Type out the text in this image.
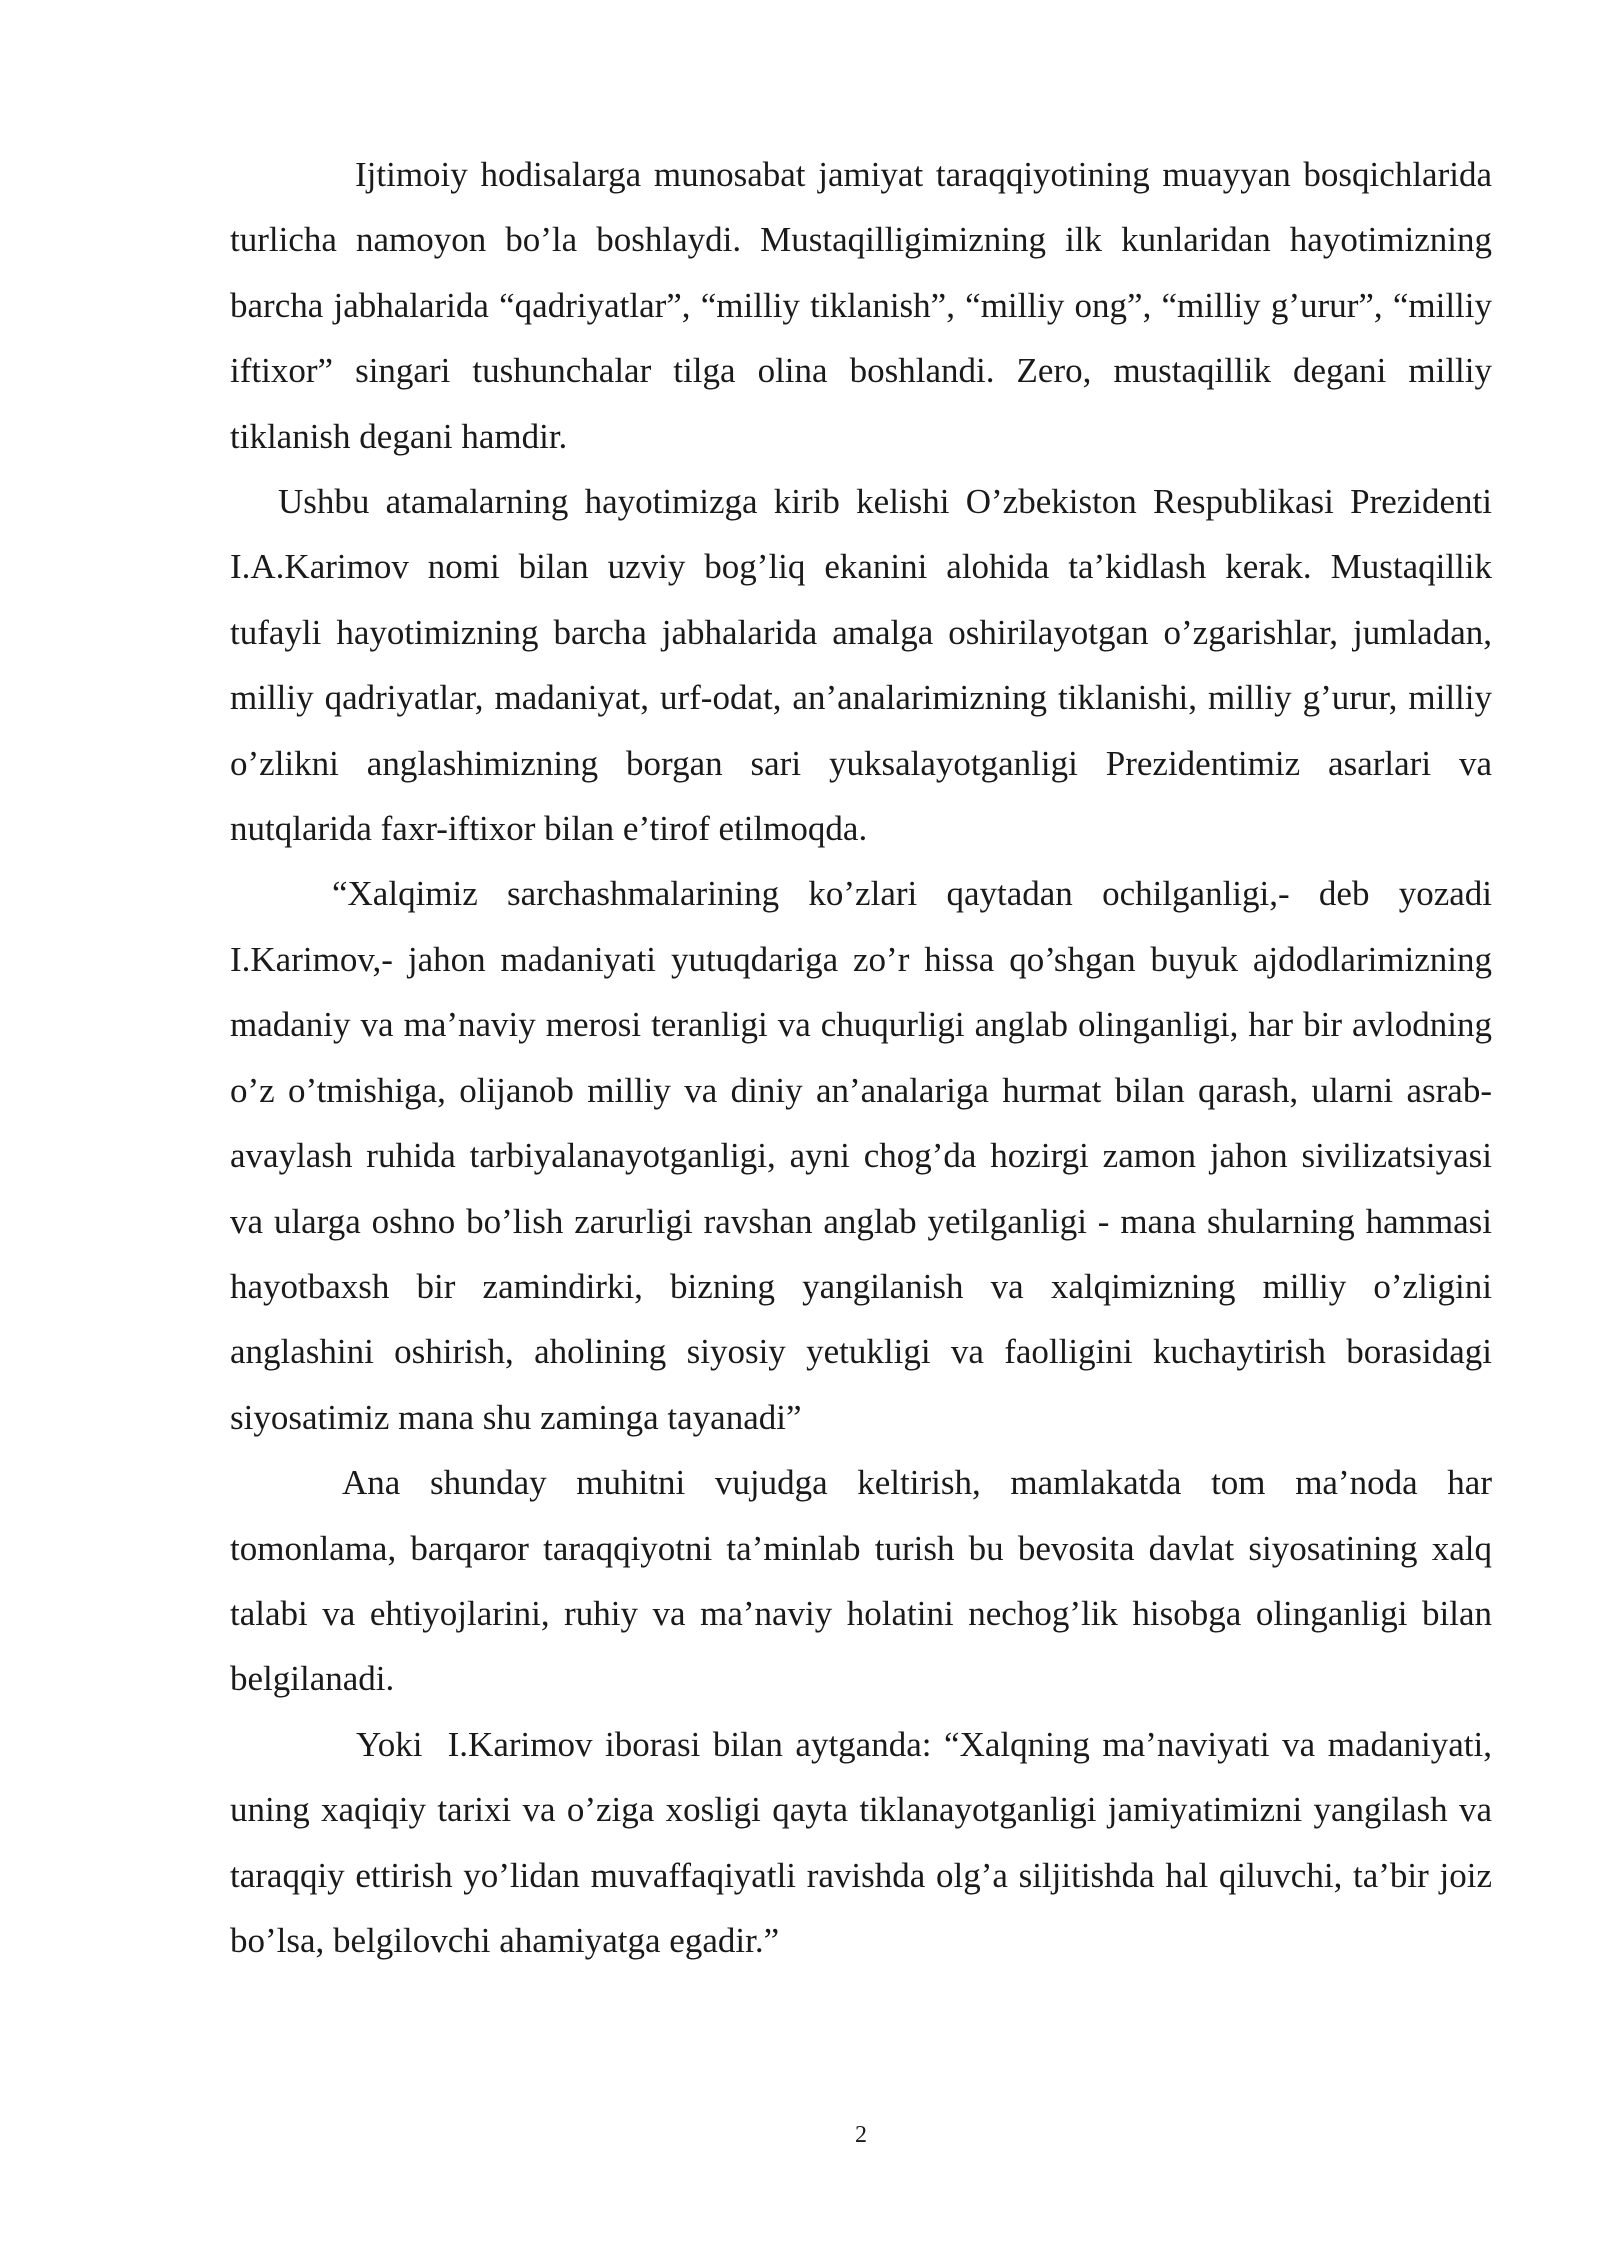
Ijtimoiy hodisalarga munosabat jamiyat taraqqiyotining muayyan bosqichlarida turlicha namoyon bo’la boshlaydi. Mustaqilligimizning ilk kunlaridan hayotimizning barcha jabhalarida “qadriyatlar”, “milliy tiklanish”, “milliy ong”, “milliy g’urur”, “milliy iftixor” singari tushunchalar tilga olina boshlandi. Zero, mustaqillik degani milliy tiklanish degani hamdir.

Ushbu atamalarning hayotimizga kirib kelishi O’zbekiston Respublikasi Prezidenti I.A.Karimov nomi bilan uzviy bog’liq ekanini alohida ta’kidlash kerak. Mustaqillik tufayli hayotimizning barcha jabhalarida amalga oshirilayotgan o’zgarishlar, jumladan, milliy qadriyatlar, madaniyat, urf-odat, an’analarimizning tiklanishi, milliy g’urur, milliy o’zlikni anglashimizning borgan sari yuksalayotganligi Prezidentimiz asarlari va nutqlarida faxr-iftixor bilan e’tirof etilmoqda.

“Xalqimiz sarchashmalarining ko’zlari qaytadan ochilganligi,- deb yozadi I.Karimov,- jahon madaniyati yutuqdariga zo’r hissa qo’shgan buyuk ajdodlarimizning madaniy va ma’naviy merosi teranligi va chuqurligi anglab olinganligi, har bir avlodning o’z o’tmishiga, olijanob milliy va diniy an’analariga hurmat bilan qarash, ularni asrab-avaylash ruhida tarbiyalanayotganligi, ayni chog’da hozirgi zamon jahon sivilizatsiyasi va ularga oshno bo’lish zarurligi ravshan anglab yetilganligi - mana shularning hammasi hayotbaxsh bir zamindirki, bizning yangilanish va xalqimizning milliy o’zligini anglashini oshirish, aholining siyosiy yetukligi va faolligini kuchaytirish borasidagi siyosatimiz mana shu zaminga tayanadi”

Ana shunday muhitni vujudga keltirish, mamlakatda tom ma’noda har tomonlama, barqaror taraqqiyotni ta’minlab turish bu bevosita davlat siyosatining xalq talabi va ehtiyojlarini, ruhiy va ma’naviy holatini nechog’lik hisobga olinganligi bilan belgilanadi.

Yoki  I.Karimov iborasi bilan aytganda: “Xalqning ma’naviyati va madaniyati, uning xaqiqiy tarixi va o’ziga xosligi qayta tiklanayotganligi jamiyatimizni yangilash va taraqqiy ettirish yo’lidan muvaffaqiyatli ravishda olg’a siljitishda hal qiluvchi, ta’bir joiz bo’lsa, belgilovchi ahamiyatga egadir.”

2
